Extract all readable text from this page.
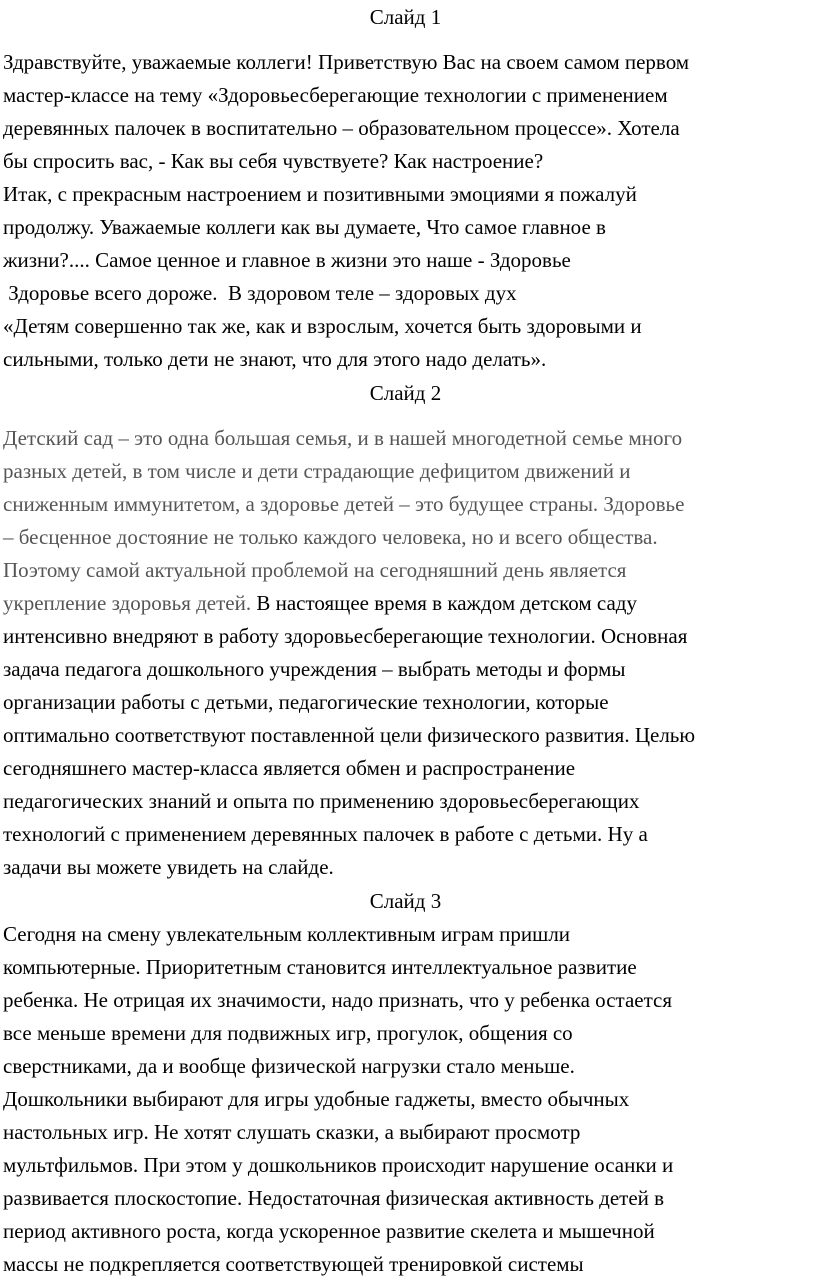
Слайд 1
Здравствуйте, уважаемые коллеги! Приветствую Вас на своем самом первом
мастер-классе на тему «Здоровьесберегающие технологии с применением
деревянных палочек в воспитательно – образовательном процессе». Хотела
бы спросить вас, - Как вы себя чувствуете? Как настроение?
Итак, с прекрасным настроением и позитивными эмоциями я пожалуй
продолжу. Уважаемые коллеги как вы думаете, Что самое главное в
жизни?.... Самое ценное и главное в жизни это наше - Здоровье
Здоровье всего дороже.  В здоровом теле – здоровых дух
«Детям совершенно так же, как и взрослым, хочется быть здоровыми и
сильными, только дети не знают, что для этого надо делать».
Слайд 2
Детский сад – это одна большая семья, и в нашей многодетной семье много
разных детей, в том числе и дети страдающие дефицитом движений и
сниженным иммунитетом, а здоровье детей – это будущее страны. Здоровье
– бесценное достояние не только каждого человека, но и всего общества.
Поэтому самой актуальной проблемой на сегодняшний день является
укрепление здоровья детей. В настоящее время в каждом детском саду
интенсивно внедряют в работу здоровьесберегающие технологии. Основная
задача педагога дошкольного учреждения – выбрать методы и формы
организации работы с детьми, педагогические технологии, которые
оптимально соответствуют поставленной цели физического развития. Целью
сегодняшнего мастер-класса является обмен и распространение
педагогических знаний и опыта по применению здоровьесберегающих
технологий с применением деревянных палочек в работе с детьми. Ну а
задачи вы можете увидеть на слайде.
Слайд 3
Сегодня на смену увлекательным коллективным играм пришли
компьютерные. Приоритетным становится интеллектуальное развитие
ребенка. Не отрицая их значимости, надо признать, что у ребенка остается
все меньше времени для подвижных игр, прогулок, общения со
сверстниками, да и вообще физической нагрузки стало меньше.
Дошкольники выбирают для игры удобные гаджеты, вместо обычных
настольных игр. Не хотят слушать сказки, а выбирают просмотр
мультфильмов. При этом у дошкольников происходит нарушение осанки и
развивается плоскостопие. Недостаточная физическая активность детей в
период активного роста, когда ускоренное развитие скелета и мышечной
массы не подкрепляется соответствующей тренировкой системы
